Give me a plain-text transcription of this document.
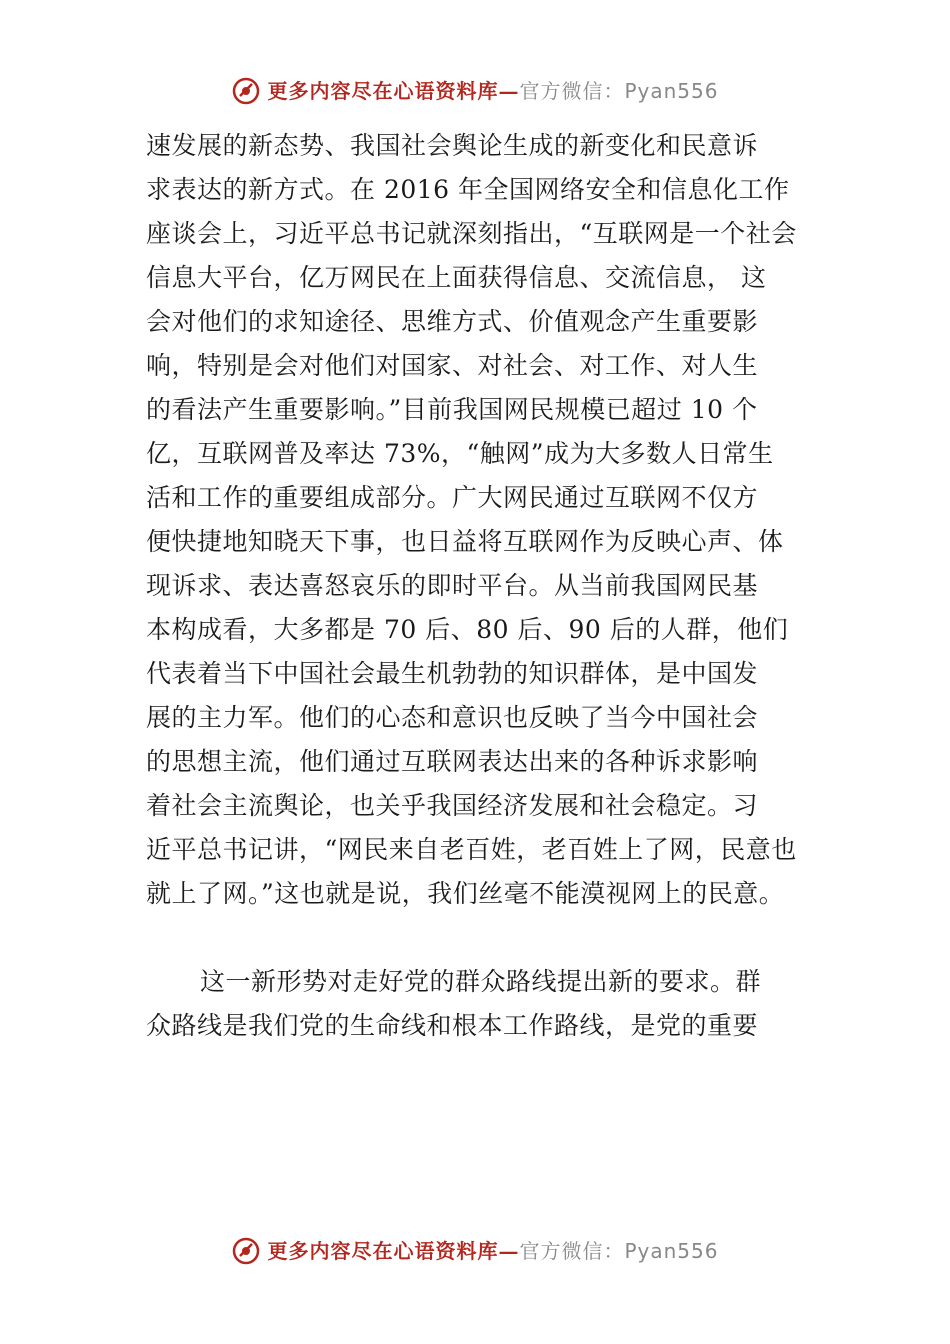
更多内容尽在心语资料库— 官方微信：Pyan556
速发展的新态势、我国社会舆论生成的新变化和民意诉
求表达的新方式。在 2016 年全国网络安全和信息化工作
座谈会上，习近平总书记就深刻指出，“互联网是一个社会
信息大平台，亿万网民在上面获得信息、交流信息， 这
会对他们的求知途径、思维方式、价值观念产生重要影
响，特别是会对他们对国家、对社会、对工作、对人生
的看法产生重要影响。”目前我国网民规模已超过 10 个
亿，互联网普及率达 73%，“触网”成为大多数人日常生
活和工作的重要组成部分。广大网民通过互联网不仅方
便快捷地知晓天下事，也日益将互联网作为反映心声、体
现诉求、表达喜怒哀乐的即时平台。从当前我国网民基
本构成看，大多都是 70 后、80 后、90 后的人群，他们
代表着当下中国社会最生机勃勃的知识群体，是中国发
展的主力军。他们的心态和意识也反映了当今中国社会
的思想主流，他们通过互联网表达出来的各种诉求影响
着社会主流舆论，也关乎我国经济发展和社会稳定。习
近平总书记讲，“网民来自老百姓，老百姓上了网，民意也
就上了网。”这也就是说，我们丝毫不能漠视网上的民意。
这一新形势对走好党的群众路线提出新的要求。群
众路线是我们党的生命线和根本工作路线，是党的重要
更多内容尽在心语资料库— 官方微信：Pyan556
